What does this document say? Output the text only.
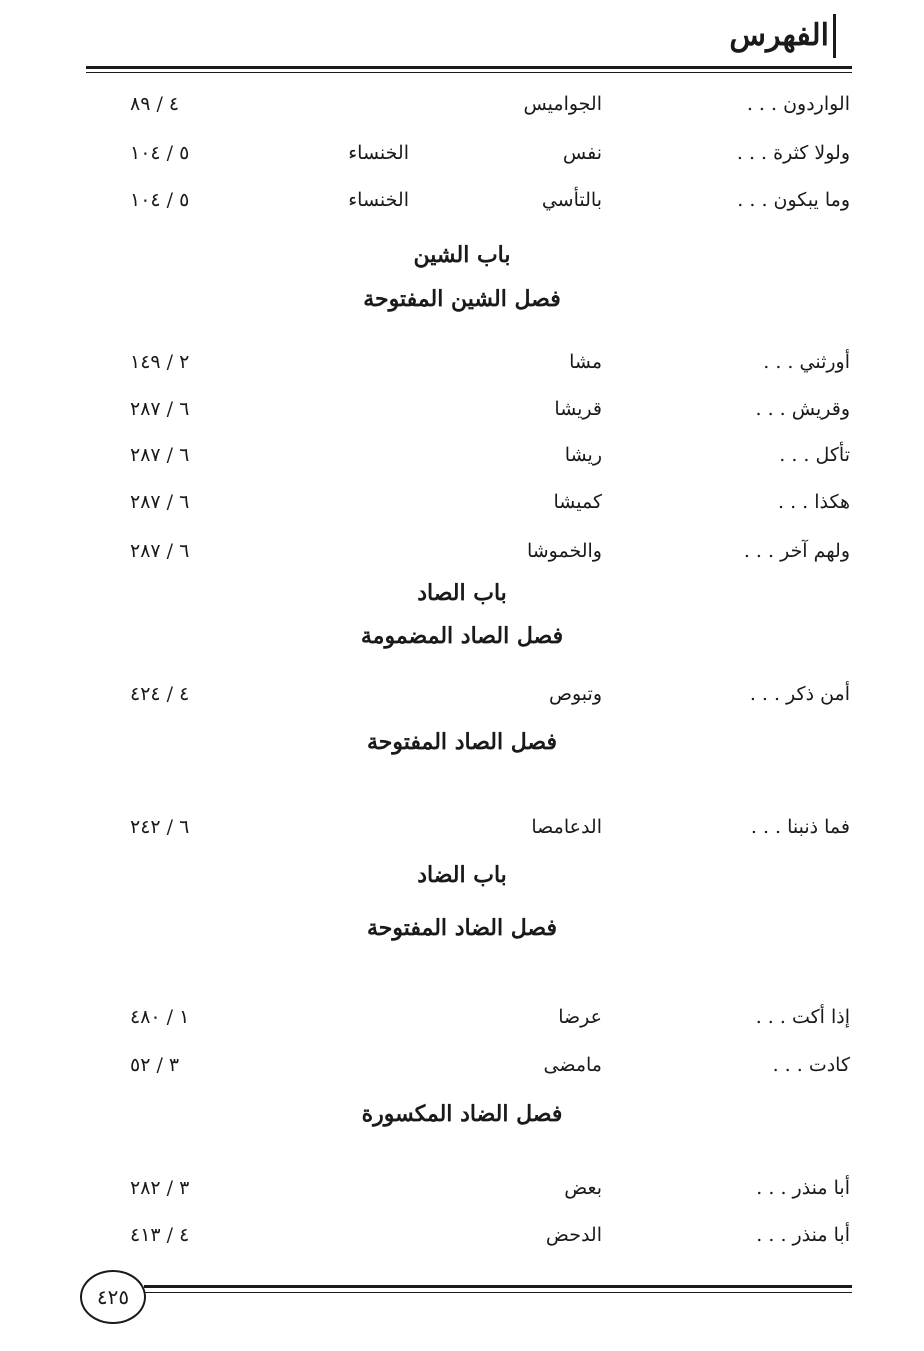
الفهرس
الواردون . . .
الجواميس
٤ / ٨٩
ولولا كثرة . . .
نفس
الخنساء
٥ / ١٠٤
وما يبكون . . .
بالتأسي
الخنساء
٥ / ١٠٤
باب الشين
فصل الشين المفتوحة
أورثني . . .
مشا
٢ / ١٤٩
وقريش . . .
قريشا
٦ / ٢٨٧
تأكل . . .
ريشا
٦ / ٢٨٧
هكذا . . .
كميشا
٦ / ٢٨٧
ولهم آخر . . .
والخموشا
٦ / ٢٨٧
باب الصاد
فصل الصاد المضمومة
أمن ذكر . . .
وتبوص
٤ / ٤٢٤
فصل الصاد المفتوحة
فما ذنبنا . . .
الدعامصا
٦ / ٢٤٢
باب الضاد
فصل الضاد المفتوحة
إذا أكت . . .
عرضا
١ / ٤٨٠
كادت . . .
مامضى
٣ / ٥٢
فصل الضاد المكسورة
أبا منذر . . .
بعض
٣ / ٢٨٢
أبا منذر . . .
الدحض
٤ / ٤١٣
٤٢٥
